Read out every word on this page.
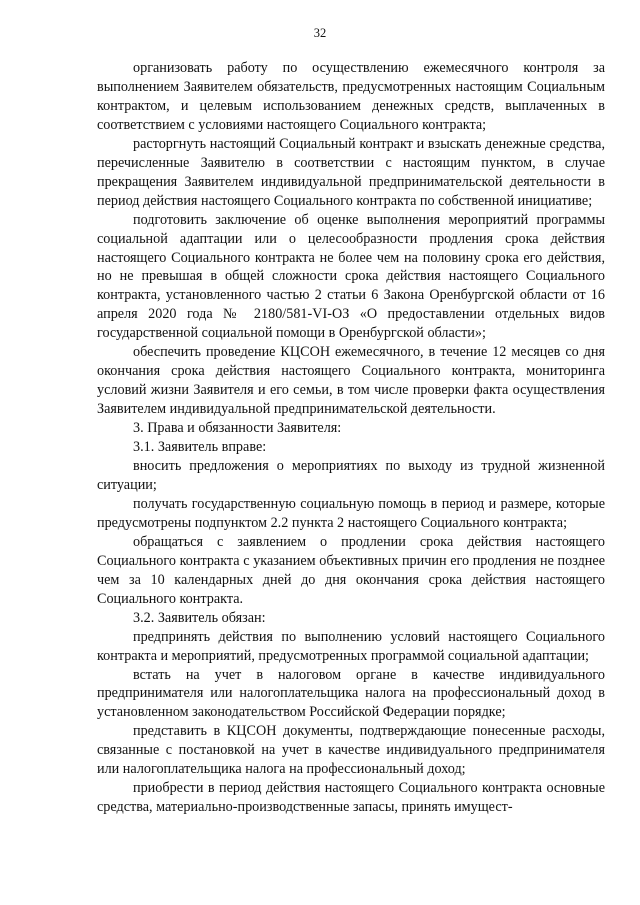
32

организовать работу по осуществлению ежемесячного контроля за выполнением Заявителем обязательств, предусмотренных настоящим Социальным контрактом, и целевым использованием денежных средств, выплаченных в соответствием с условиями настоящего Социального контракта;

расторгнуть настоящий Социальный контракт и взыскать денежные средства, перечисленные Заявителю в соответствии с настоящим пунктом, в случае прекращения Заявителем индивидуальной предпринимательской деятельности в период действия настоящего Социального контракта по собственной инициативе;

подготовить заключение об оценке выполнения мероприятий программы социальной адаптации или о целесообразности продления срока действия настоящего Социального контракта не более чем на половину срока его действия, но не превышая в общей сложности срока действия настоящего Социального контракта, установленного частью 2 статьи 6 Закона Оренбургской области от 16 апреля 2020 года № 2180/581-VI-ОЗ «О предоставлении отдельных видов государственной социальной помощи в Оренбургской области»;

обеспечить проведение КЦСОН ежемесячного, в течение 12 месяцев со дня окончания срока действия настоящего Социального контракта, мониторинга условий жизни Заявителя и его семьи, в том числе проверки факта осуществления Заявителем индивидуальной предпринимательской деятельности.

3. Права и обязанности Заявителя:

3.1. Заявитель вправе:

вносить предложения о мероприятиях по выходу из трудной жизненной ситуации;

получать государственную социальную помощь в период и размере, которые предусмотрены подпунктом 2.2 пункта 2 настоящего Социального контракта;

обращаться с заявлением о продлении срока действия настоящего Социального контракта с указанием объективных причин его продления не позднее чем за 10 календарных дней до дня окончания срока действия настоящего Социального контракта.

3.2. Заявитель обязан:

предпринять действия по выполнению условий настоящего Социального контракта и мероприятий, предусмотренных программой социальной адаптации;

встать на учет в налоговом органе в качестве индивидуального предпринимателя или налогоплательщика налога на профессиональный доход в установленном законодательством Российской Федерации порядке;

представить в КЦСОН документы, подтверждающие понесенные расходы, связанные с постановкой на учет в качестве индивидуального предпринимателя или налогоплательщика налога на профессиональный доход;

приобрести в период действия настоящего Социального контракта основные средства, материально-производственные запасы, принять имущест-
